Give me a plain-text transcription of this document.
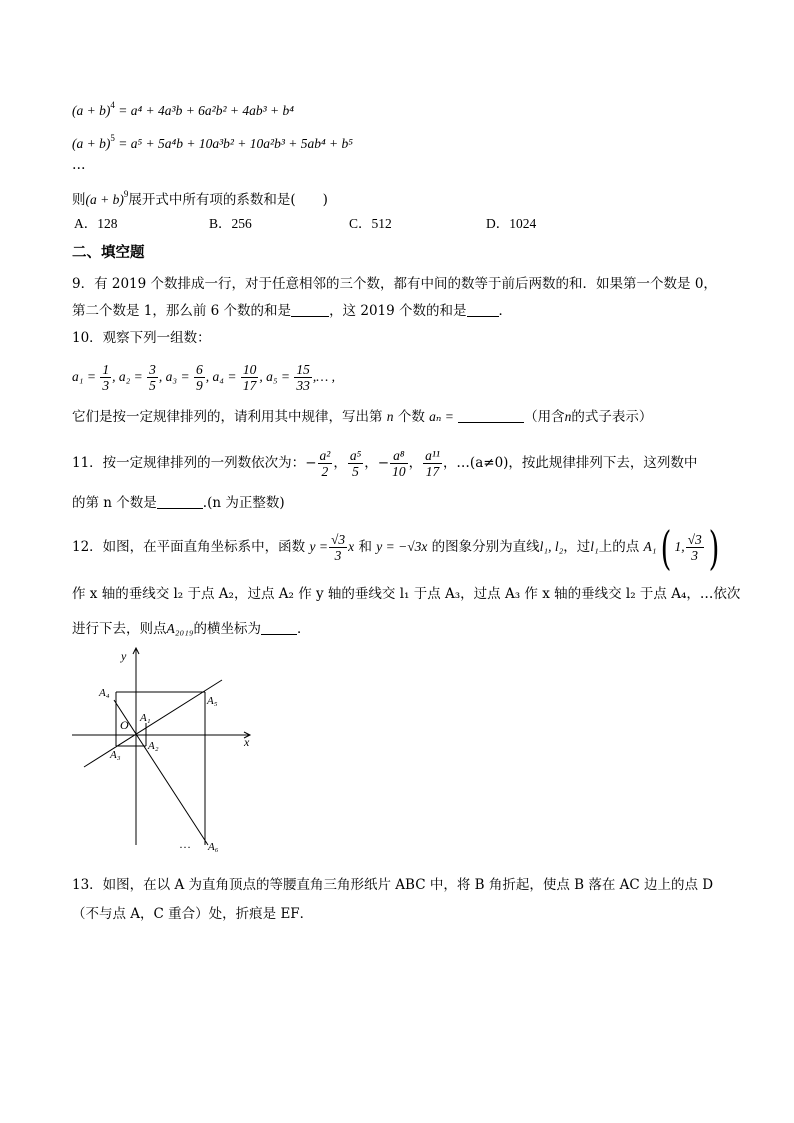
$(a + b)^4 = a^4 + 4a^3b + 6a^2b^2 + 4ab^3 + b^4$
$(a + b)^5 = a^5 + 5a^4b + 10a^3b^2 + 10a^2b^3 + 5ab^4 + b^5$
…
则$(a + b)^9$展开式中所有项的系数和是(　　)
A．128	B．256	C．512	D．1024
二、填空题
9．有 2019 个数排成一行，对于任意相邻的三个数，都有中间的数等于前后两数的和．如果第一个数是 0，
第二个数是 1，那么前 6 个数的和是	，这 2019 个数的和是 ．
10．观察下列一组数：
$a_1 = \frac{1}{3}$ , $a_2 = \frac{3}{5}$ , $a_3 = \frac{6}{9}$ , $a_4 = \frac{10}{17}$ , $a_5 = \frac{15}{33}$ ,… ,
它们是按一定规律排列的，请利用其中规律，写出第 n 个数 aₙ =	（用含n的式子表示）
11．按一定规律排列的一列数依次为：− $\frac{\text{a²}}{2}$ ， $\frac{\text{a⁵}}{5}$ ，− $\frac{\text{a⁸}}{10}$ ， $\frac{\text{a¹¹}}{17}$ ，…(a≠0)，按此规律排列下去，这列数中
的第 n 个数是	.(n 为正整数)
12．如图，在平面直角坐标系中，函数 $y = \frac{√3}{3}$ x 和 y = −√3x 的图象分别为直线l₁, l₂，过l₁上的点 A₁( 1, $\frac{√3}{3}$ )
作 x 轴的垂线交 l₂ 于点 A₂，过点 A₂ 作 y 轴的垂线交 l₁ 于点 A₃，过点 A₃ 作 x 轴的垂线交 l₂ 于点 A₄，…依次
进行下去，则点A₂₀₁₉的横坐标为	．
y
x
O A₁
A₂
A₃
A₄
A₅
A₆
…
13．如图，在以 A 为直角顶点的等腰直角三角形纸片 ABC 中，将 B 角折起，使点 B 落在 AC 边上的点 D
（不与点 A，C 重合）处，折痕是 EF．
